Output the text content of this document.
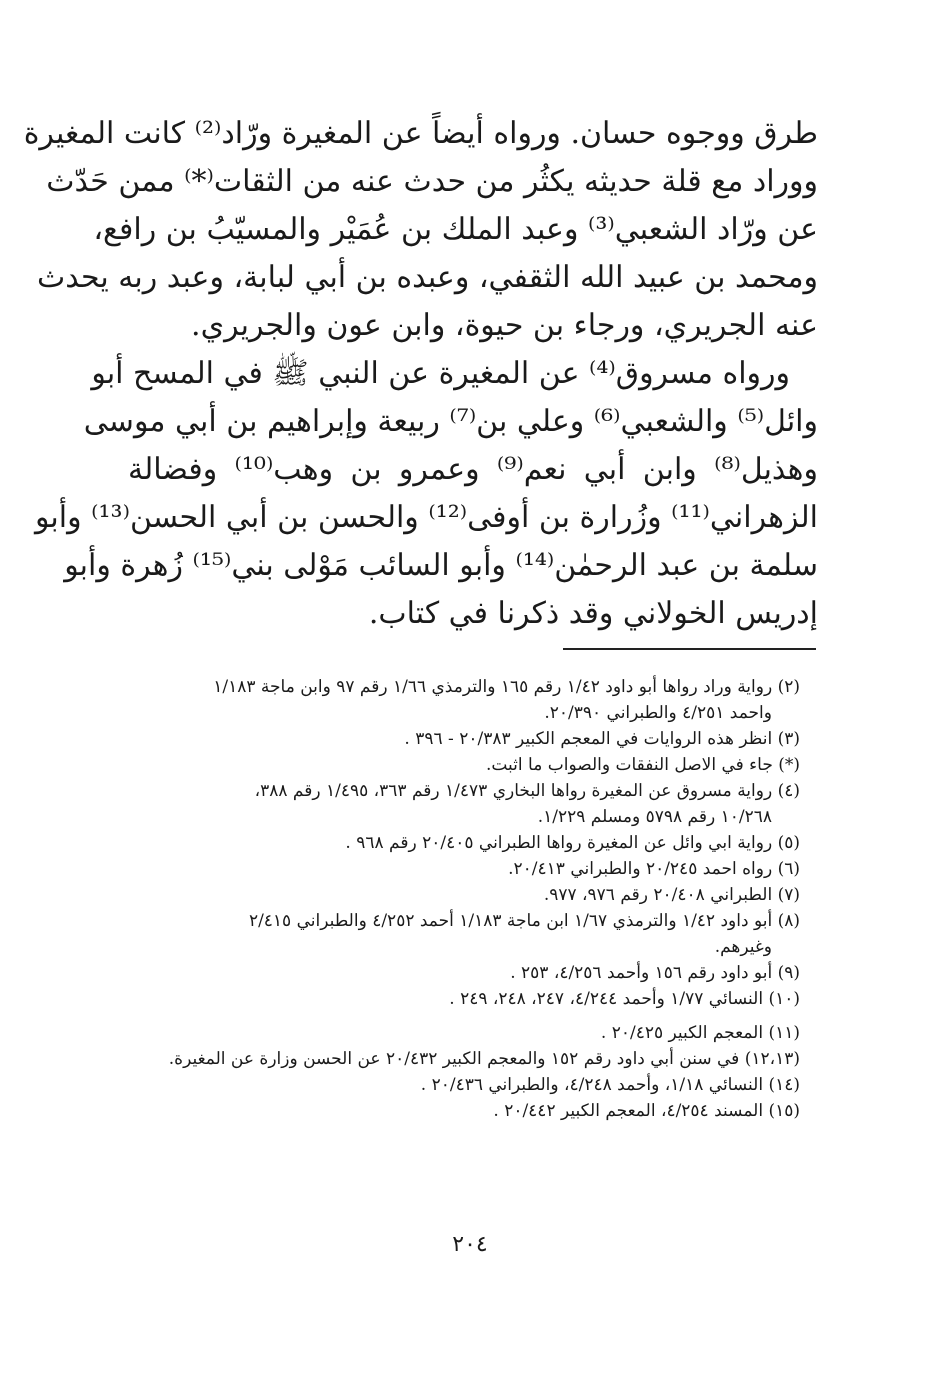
طرق ووجوه حسان. ورواه أيضاً عن المغيرة ورّاد⁽²⁾ كانت المغيرة
ووراد مع قلة حديثه يكثُر من حدث عنه من الثقات⁽*⁾ ممن حَدّث
عن ورّاد الشعبي⁽³⁾ وعبد الملك بن عُمَيْر والمسيّبُ بن رافع،
ومحمد بن عبيد الله الثقفي، وعبده بن أبي لبابة، وعبد ربه يحدث
عنه الجريري، ورجاء بن حيوة، وابن عون والجريري.
ورواه مسروق⁽⁴⁾ عن المغيرة عن النبي ﷺ في المسح أبو
وائل⁽⁵⁾ والشعبي⁽⁶⁾ وعلي بن⁽⁷⁾ ربيعة وإبراهيم بن أبي موسى
وهذيل⁽⁸⁾ وابن أبي نعم⁽⁹⁾ وعمرو بن وهب⁽¹⁰⁾ وفضالة
الزهراني⁽¹¹⁾ وزُرارة بن أوفى⁽¹²⁾ والحسن بن أبي الحسن⁽¹³⁾ وأبو
سلمة بن عبد الرحمٰن⁽¹⁴⁾ وأبو السائب مَوْلى بني⁽¹⁵⁾ زُهرة وأبو
إدريس الخولاني وقد ذكرنا في كتاب.
(٢) رواية وراد رواها أبو داود ١/٤٢ رقم ١٦٥ والترمذي ١/٦٦ رقم ٩٧ وابن ماجة ١/١٨٣
واحمد ٤/٢٥١ والطبراني ٢٠/٣٩٠.
(٣) انظر هذه الروايات في المعجم الكبير ٢٠/٣٨٣ - ٣٩٦ .
(*) جاء في الاصل النفقات والصواب ما اثبت.
(٤) رواية مسروق عن المغيرة رواها البخاري ١/٤٧٣ رقم ٣٦٣، ١/٤٩٥ رقم ٣٨٨،
١٠/٢٦٨ رقم ٥٧٩٨ ومسلم ١/٢٢٩.
(٥) رواية ابي وائل عن المغيرة رواها الطبراني ٢٠/٤٠٥ رقم ٩٦٨ .
(٦) رواه احمد ٢٠/٢٤٥ والطبراني ٢٠/٤١٣.
(٧) الطبراني ٢٠/٤٠٨ رقم ٩٧٦، ٩٧٧.
(٨) أبو داود ١/٤٢ والترمذي ١/٦٧ ابن ماجة ١/١٨٣ أحمد ٤/٢٥٢ والطبراني ٢/٤١٥
وغيرهم.
(٩) أبو داود رقم ١٥٦ وأحمد ٤/٢٥٦، ٢٥٣ .
(١٠) النسائي ١/٧٧ وأحمد ٤/٢٤٤، ٢٤٧، ٢٤٨، ٢٤٩ .
(١١) المعجم الكبير ٢٠/٤٢٥ .
(١٢،١٣) في سنن أبي داود رقم ١٥٢ والمعجم الكبير ٢٠/٤٣٢ عن الحسن وزارة عن المغيرة.
(١٤) النسائي ١/١٨، وأحمد ٤/٢٤٨، والطبراني ٢٠/٤٣٦ .
(١٥) المسند ٤/٢٥٤، المعجم الكبير ٢٠/٤٤٢ .
٢٠٤
